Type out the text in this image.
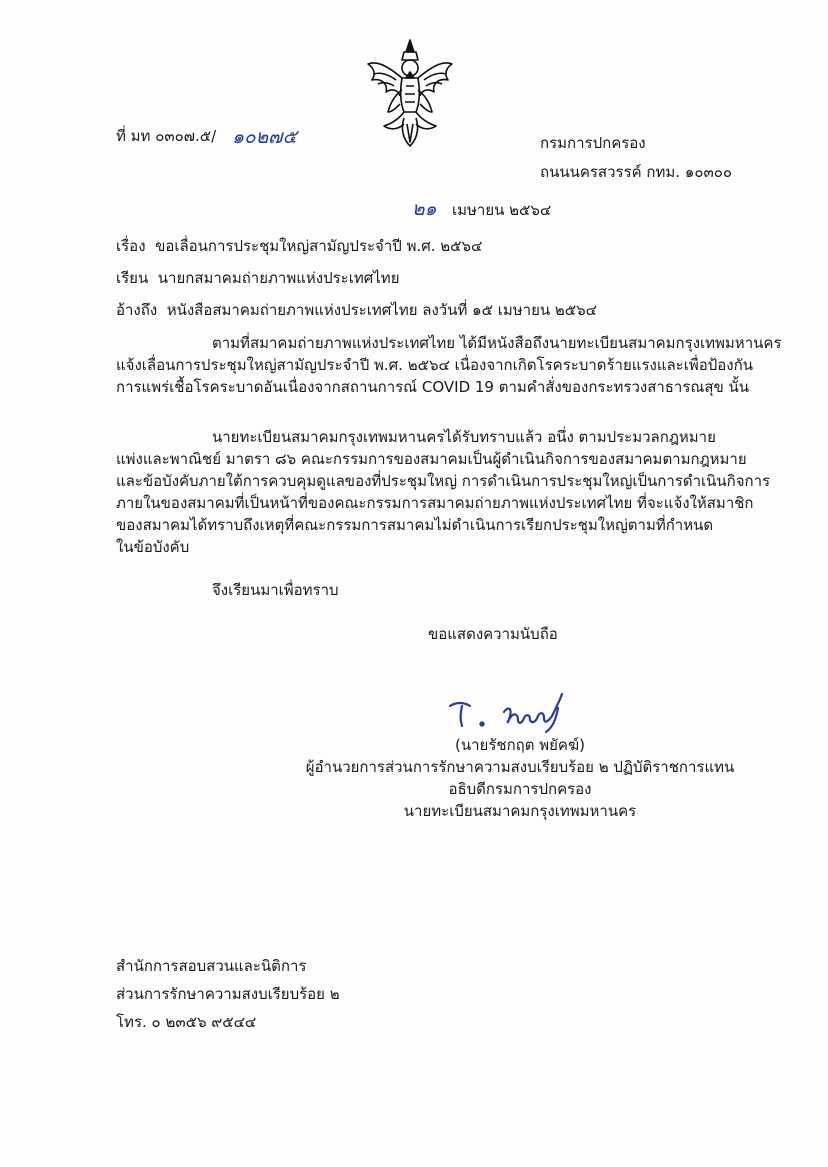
ที่ มท ๐๓๐๗.๕/ ๑๐๒๗๕	กรมการปกครอง
ถนนนครสวรรค์ กทม. ๑๐๓๐๐
๒๑ เมษายน ๒๕๖๔
เรื่อง ขอเลื่อนการประชุมใหญ่สามัญประจำปี พ.ศ. ๒๕๖๔
เรียน นายกสมาคมถ่ายภาพแห่งประเทศไทย
อ้างถึง หนังสือสมาคมถ่ายภาพแห่งประเทศไทย ลงวันที่ ๑๕ เมษายน ๒๕๖๔
ตามที่สมาคมถ่ายภาพแห่งประเทศไทย ได้มีหนังสือถึงนายทะเบียนสมาคมกรุงเทพมหานคร
แจ้งเลื่อนการประชุมใหญ่สามัญประจำปี พ.ศ. ๒๕๖๔ เนื่องจากเกิดโรคระบาดร้ายแรงและเพื่อป้องกัน
การแพร่เชื้อโรคระบาดอันเนื่องจากสถานการณ์ COVID 19 ตามคำสั่งของกระทรวงสาธารณสุข นั้น
นายทะเบียนสมาคมกรุงเทพมหานครได้รับทราบแล้ว อนึ่ง ตามประมวลกฎหมาย
แพ่งและพาณิชย์ มาตรา ๘๖ คณะกรรมการของสมาคมเป็นผู้ดำเนินกิจการของสมาคมตามกฎหมาย
และข้อบังคับภายใต้การควบคุมดูแลของที่ประชุมใหญ่ การดำเนินการประชุมใหญ่เป็นการดำเนินกิจการ
ภายในของสมาคมที่เป็นหน้าที่ของคณะกรรมการสมาคมถ่ายภาพแห่งประเทศไทย ที่จะแจ้งให้สมาชิก
ของสมาคมได้ทราบถึงเหตุที่คณะกรรมการสมาคมไม่ดำเนินการเรียกประชุมใหญ่ตามที่กำหนด
ในข้อบังคับ
จึงเรียนมาเพื่อทราบ
ขอแสดงความนับถือ
(นายรัชกฤต พยัคฆ์)
ผู้อำนวยการส่วนการรักษาความสงบเรียบร้อย ๒ ปฏิบัติราชการแทน
อธิบดีกรมการปกครอง
นายทะเบียนสมาคมกรุงเทพมหานคร
สำนักการสอบสวนและนิติการ
ส่วนการรักษาความสงบเรียบร้อย ๒
โทร. ๐ ๒๓๕๖ ๙๕๔๔
